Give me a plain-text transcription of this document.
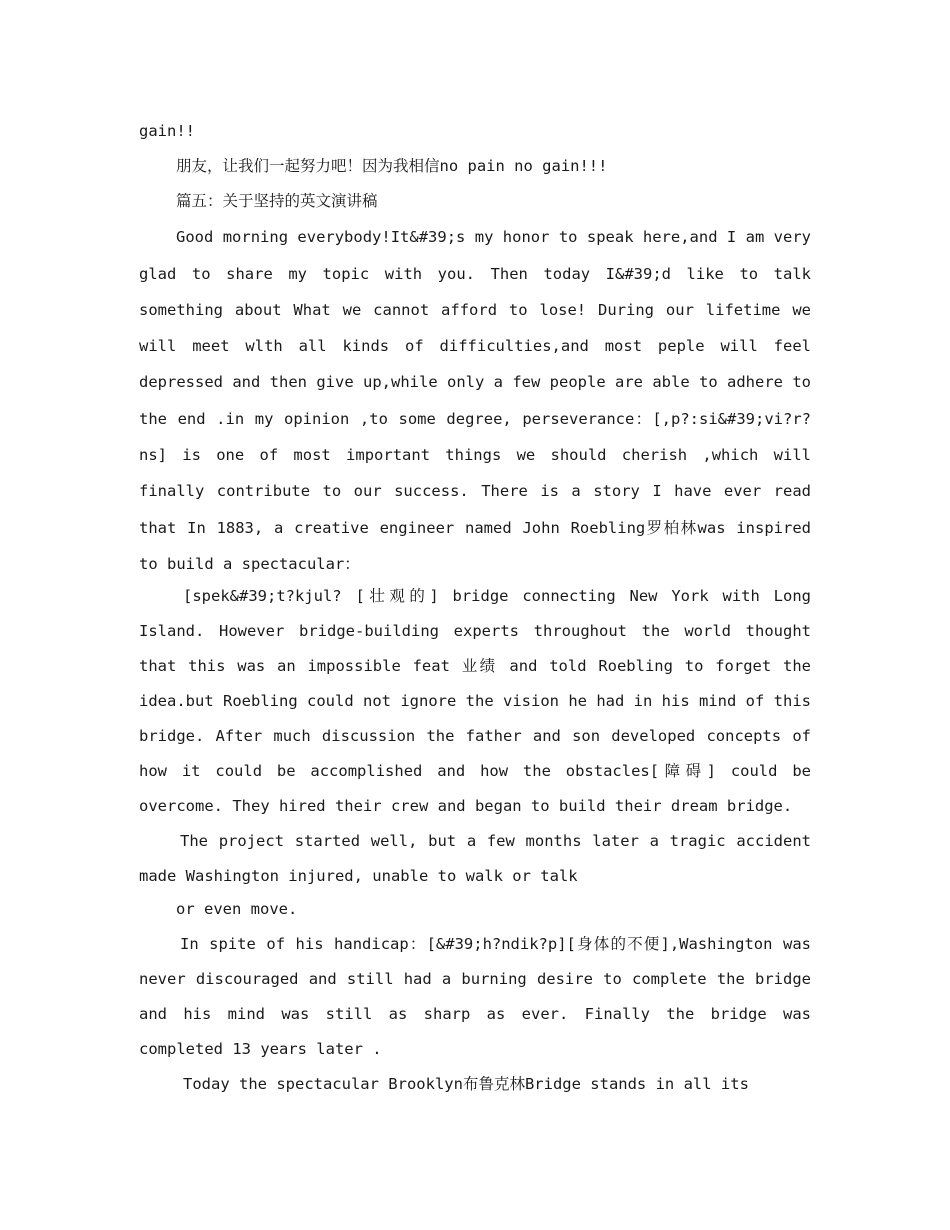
gain!!

朋友，让我们一起努力吧！因为我相信no pain no gain!!!

篇五：关于坚持的英文演讲稿

Good morning everybody!It&#39;s my honor to speak here,and I am very glad to share my topic with you. Then today I&#39;d like to talk something about What we cannot afford to lose! During our lifetime we will meet wlth all kinds of difficulties,and most peple will feel depressed and then give up,while only a few people are able to adhere to the end .in my opinion ,to some degree, perseverance：[,p?:si&#39;vi?r?ns] is one of most important things we should cherish ,which will finally contribute to our success. There is a story I have ever read that In 1883, a creative engineer named John Roebling罗柏林was inspired to build a spectacular：

[spek&#39;t?kjul? [壮观的] bridge connecting New York with Long Island. However bridge-building experts throughout the world thought that this was an impossible feat 业绩 and told Roebling to forget the idea.but Roebling could not ignore the vision he had in his mind of this bridge. After much discussion the father and son developed concepts of how it could be accomplished and how the obstacles[障碍] could be overcome. They hired their crew and began to build their dream bridge.

The project started well, but a few months later a tragic accident made Washington injured, unable to walk or talk

or even move.

In spite of his handicap：[&#39;h?ndik?p][身体的不便],Washington was never discouraged and still had a burning desire to complete the bridge and his mind was still as sharp as ever. Finally the bridge was completed 13 years later .

Today the spectacular Brooklyn布鲁克林Bridge stands in all its
